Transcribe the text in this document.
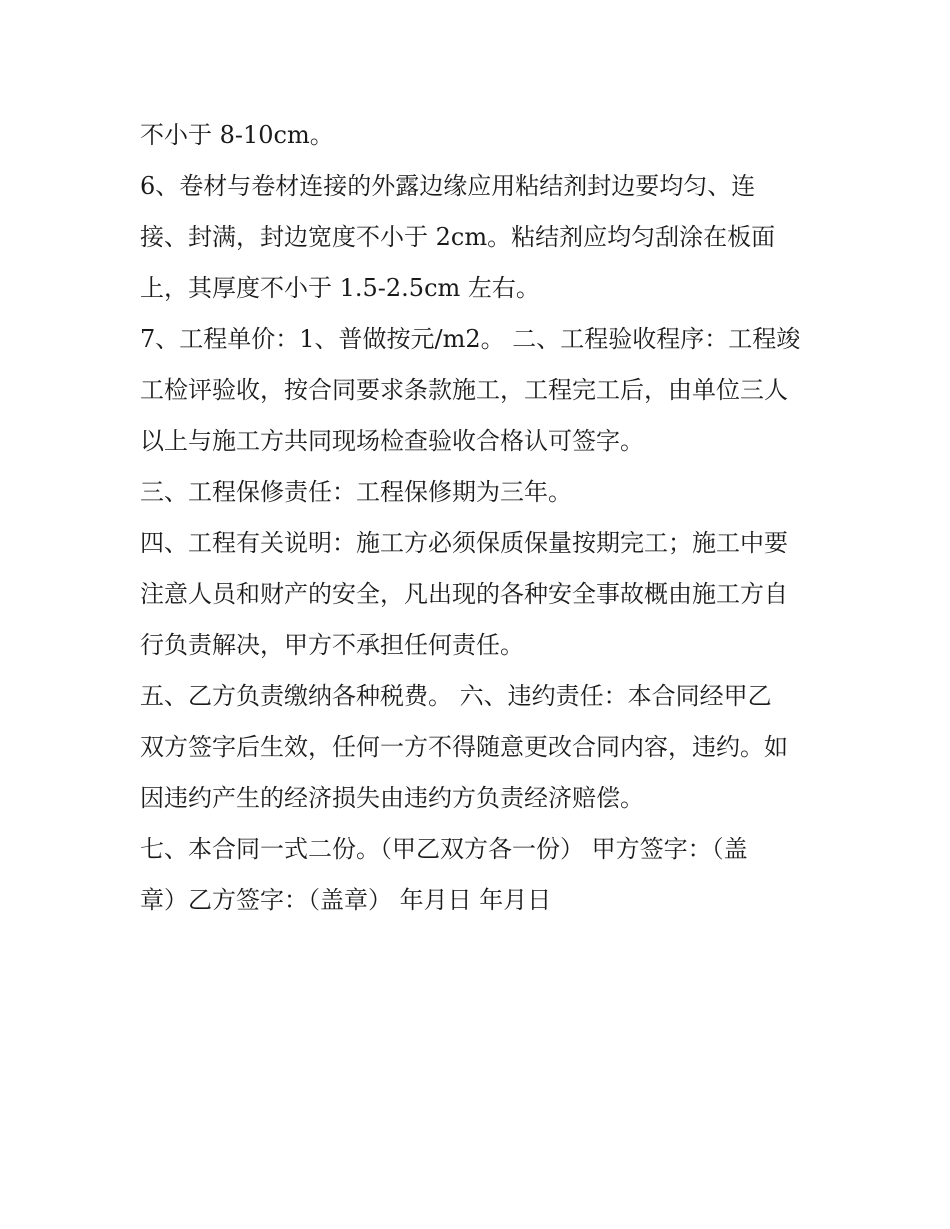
不小于 8-10cm。
6、卷材与卷材连接的外露边缘应用粘结剂封边要均匀、连
接、封满，封边宽度不小于 2cm。粘结剂应均匀刮涂在板面
上，其厚度不小于 1.5-2.5cm 左右。
7、工程单价：1、普做按元/m2。 二、工程验收程序：工程竣
工检评验收，按合同要求条款施工，工程完工后，由单位三人
以上与施工方共同现场检查验收合格认可签字。
三、工程保修责任：工程保修期为三年。
四、工程有关说明：施工方必须保质保量按期完工；施工中要
注意人员和财产的安全，凡出现的各种安全事故概由施工方自
行负责解决，甲方不承担任何责任。
五、乙方负责缴纳各种税费。 六、违约责任：本合同经甲乙
双方签字后生效，任何一方不得随意更改合同内容，违约。如
因违约产生的经济损失由违约方负责经济赔偿。
七、本合同一式二份。（甲乙双方各一份） 甲方签字：（盖
章）乙方签字：（盖章） 年月日 年月日
